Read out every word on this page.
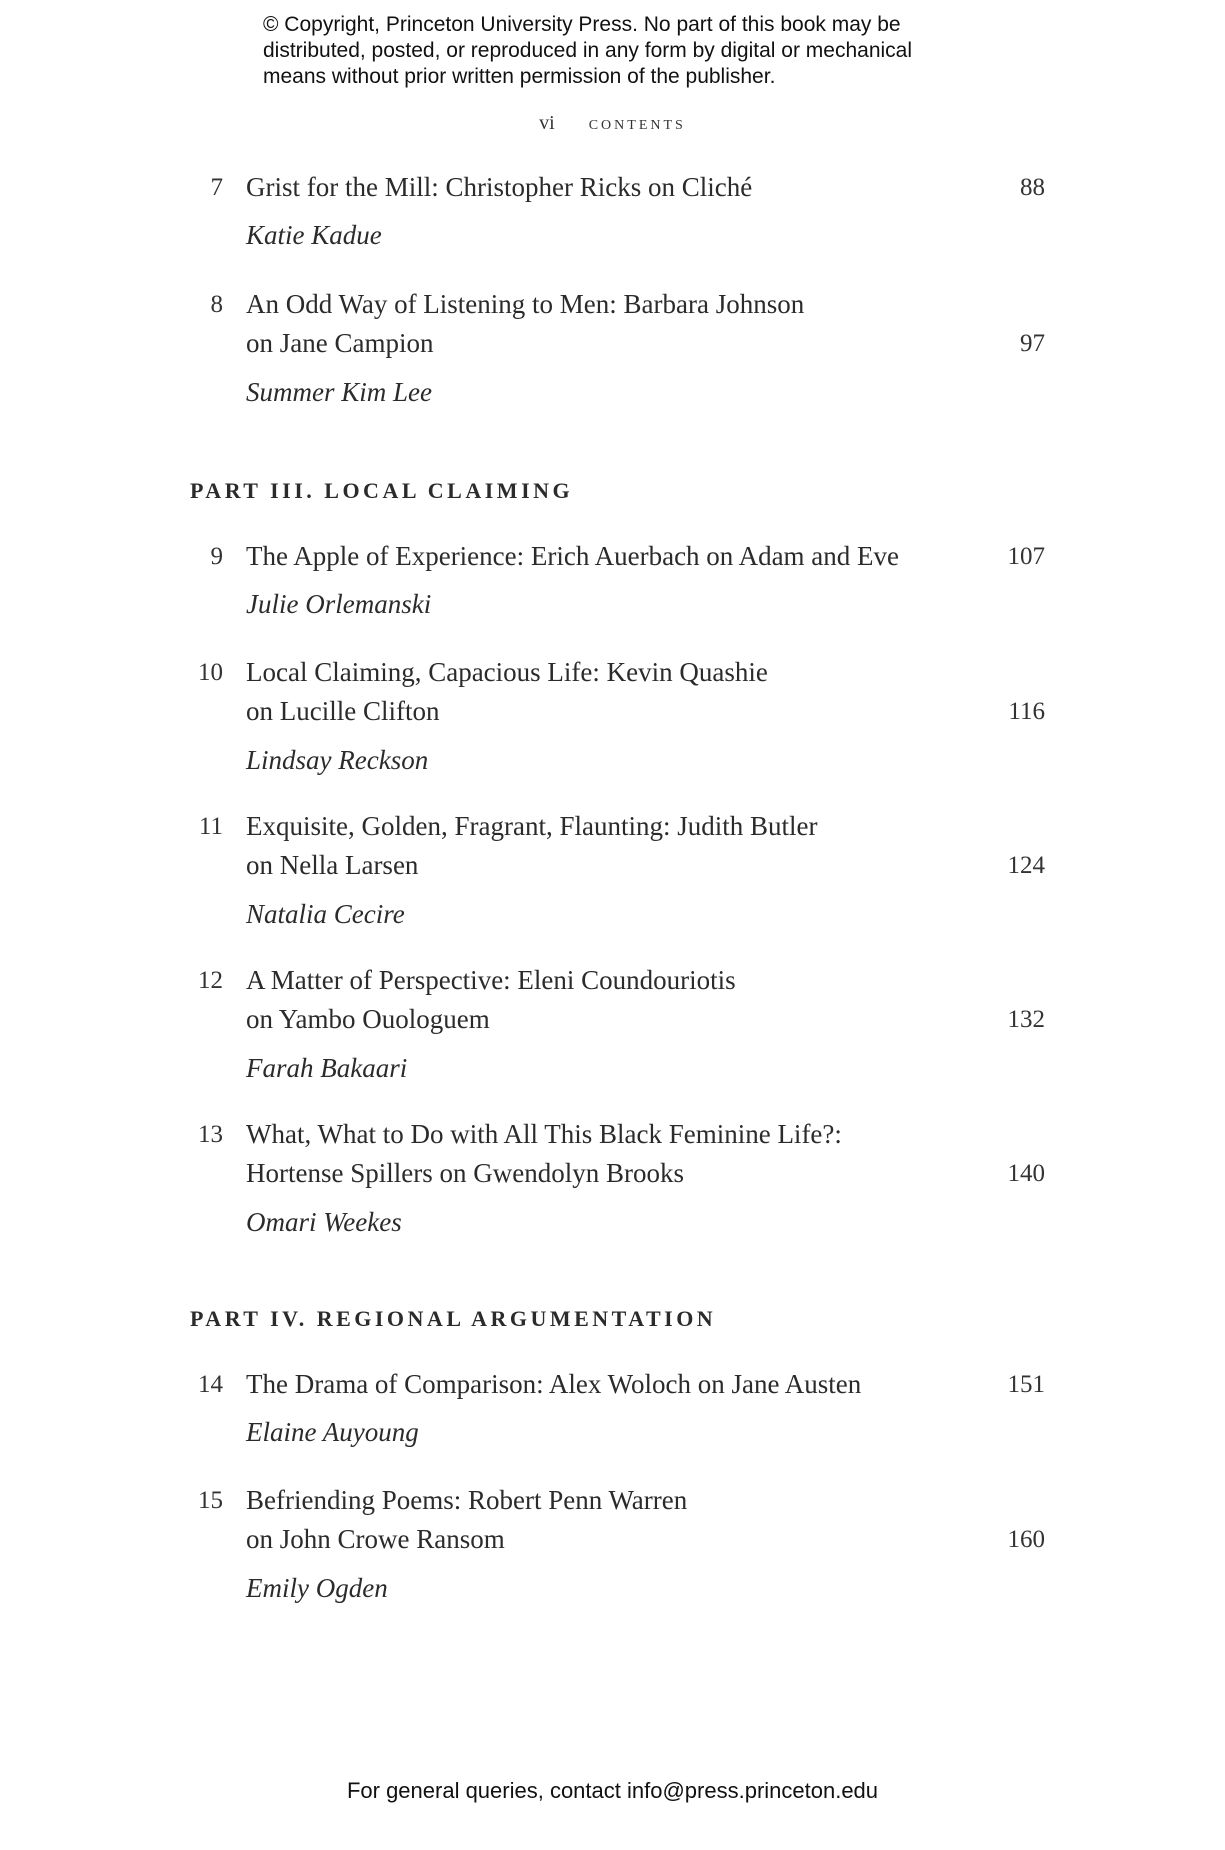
© Copyright, Princeton University Press. No part of this book may be
distributed, posted, or reproduced in any form by digital or mechanical
means without prior written permission of the publisher.
vi contents
7 Grist for the Mill: Christopher Ricks on Cliché	88
Katie Kadue
8 An Odd Way of Listening to Men: Barbara Johnson
on Jane Campion	97
Summer Kim Lee
PART III. LOCAL CLAIMING
9 The Apple of Experience: Erich Auerbach on Adam and Eve	107
Julie Orlemanski
10 Local Claiming, Capacious Life: Kevin Quashie
on Lucille Clifton	116
Lindsay Reckson
11 Exquisite, Golden, Fragrant, Flaunting: Judith Butler
on Nella Larsen	124
Natalia Cecire
12 A Matter of Perspective: Eleni Coundouriotis
on Yambo Ouologuem	132
Farah Bakaari
13 What, What to Do with All This Black Feminine Life?:
Hortense Spillers on Gwendolyn Brooks	140
Omari Weekes
PART IV. REGIONAL ARGUMENTATION
14 The Drama of Comparison: Alex Woloch on Jane Austen	151
Elaine Auyoung
15 Befriending Poems: Robert Penn Warren
on John Crowe Ransom	160
Emily Ogden
For general queries, contact info@press.princeton.edu
